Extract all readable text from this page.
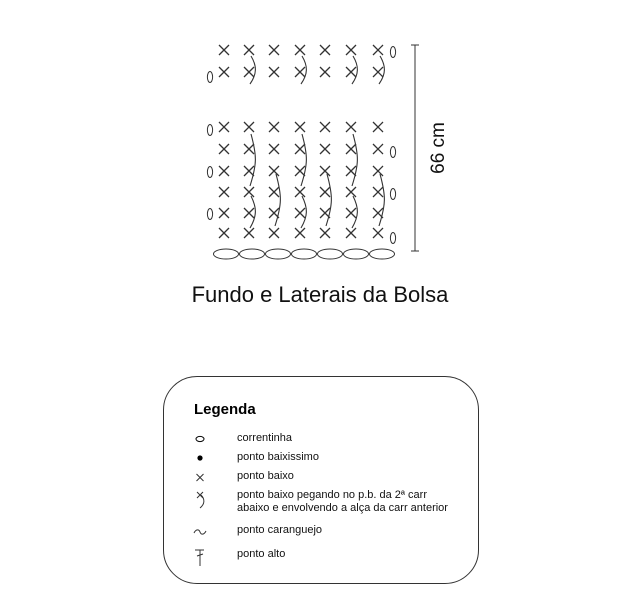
66 cm
Fundo e Laterais da Bolsa
Legenda
correntinha
ponto baixissimo
ponto baixo
ponto baixo pegando no p.b. da 2ª carr
abaixo e envolvendo a alça da carr anterior
ponto caranguejo
ponto alto
